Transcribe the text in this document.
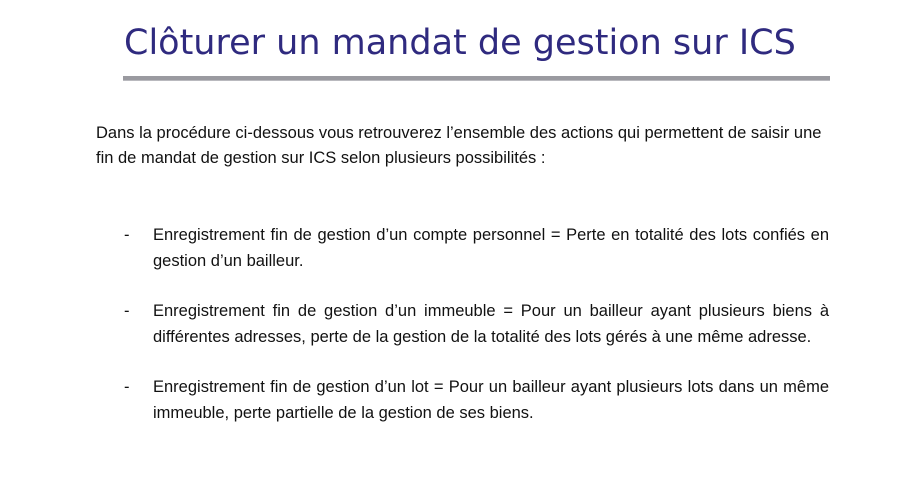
Clôturer un mandat de gestion sur ICS

Dans la procédure ci-dessous vous retrouverez l’ensemble des actions qui permettent de saisir une fin de mandat de gestion sur ICS selon plusieurs possibilités :

- Enregistrement fin de gestion d’un compte personnel = Perte en totalité des lots confiés en gestion d’un bailleur.
- Enregistrement fin de gestion d’un immeuble = Pour un bailleur ayant plusieurs biens à différentes adresses, perte de la gestion de la totalité des lots gérés à une même adresse.
- Enregistrement fin de gestion d’un lot = Pour un bailleur ayant plusieurs lots dans un même immeuble, perte partielle de la gestion de ses biens.
